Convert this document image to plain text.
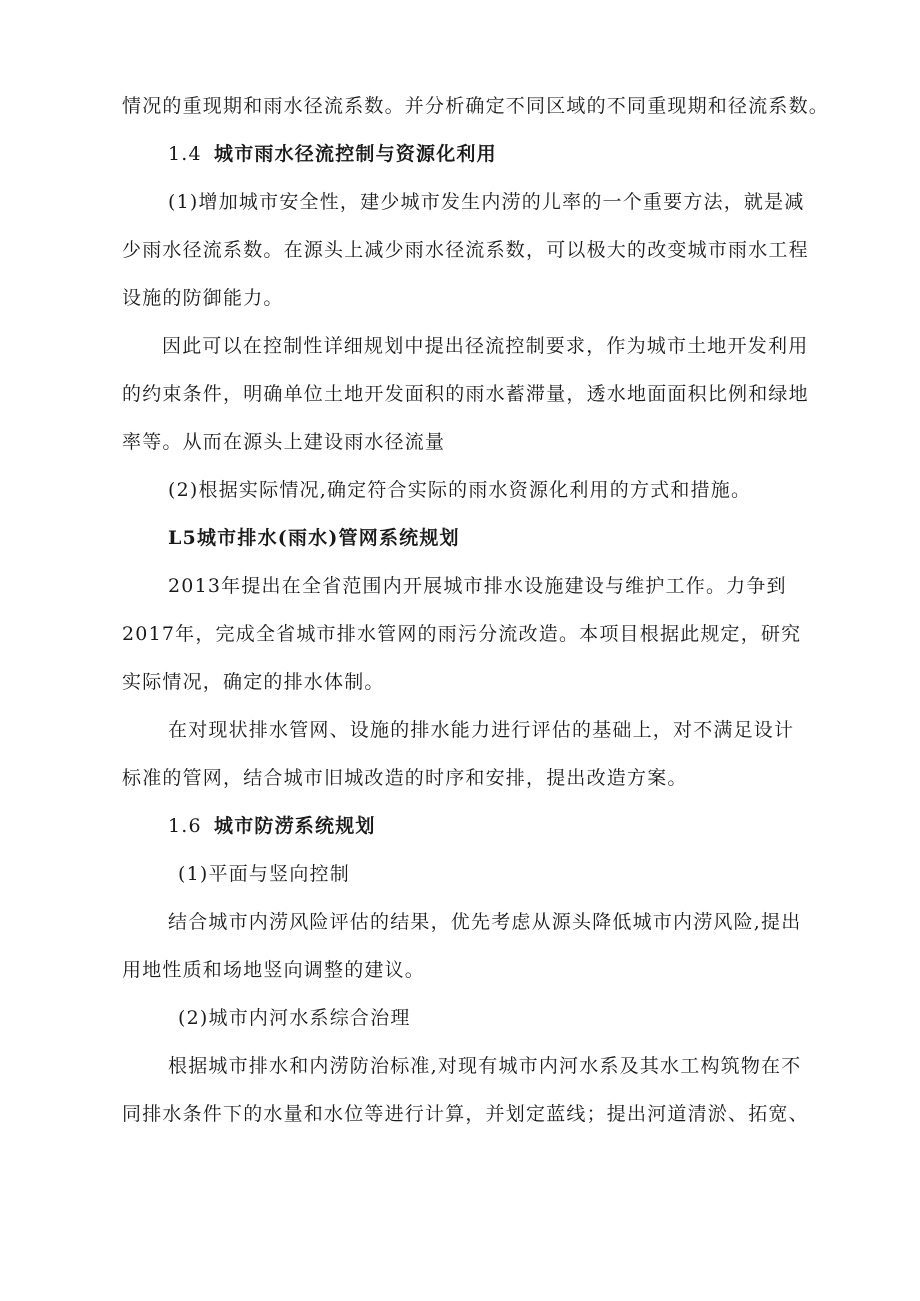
情况的重现期和雨水径流系数。并分析确定不同区域的不同重现期和径流系数。
1.4 城市雨水径流控制与资源化利用
(1)增加城市安全性，建少城市发生内涝的儿率的一个重要方法，就是减
少雨水径流系数。在源头上减少雨水径流系数，可以极大的改变城市雨水工程
设施的防御能力。
因此可以在控制性详细规划中提出径流控制要求，作为城市土地开发利用
的约束条件，明确单位土地开发面积的雨水蓄滞量，透水地面面积比例和绿地
率等。从而在源头上建设雨水径流量
(2)根据实际情况,确定符合实际的雨水资源化利用的方式和措施。
L5城市排水(雨水)管网系统规划
2013年提出在全省范围内开展城市排水设施建设与维护工作。力争到
2017年，完成全省城市排水管网的雨污分流改造。本项目根据此规定，研究
实际情况，确定的排水体制。
在对现状排水管网、设施的排水能力进行评估的基础上，对不满足设计
标准的管网，结合城市旧城改造的时序和安排，提出改造方案。
1.6 城市防涝系统规划
(1)平面与竖向控制
结合城市内涝风险评估的结果，优先考虑从源头降低城市内涝风险,提出
用地性质和场地竖向调整的建议。
(2)城市内河水系综合治理
根据城市排水和内涝防治标准,对现有城市内河水系及其水工构筑物在不
同排水条件下的水量和水位等进行计算，并划定蓝线；提出河道清淤、拓宽、
